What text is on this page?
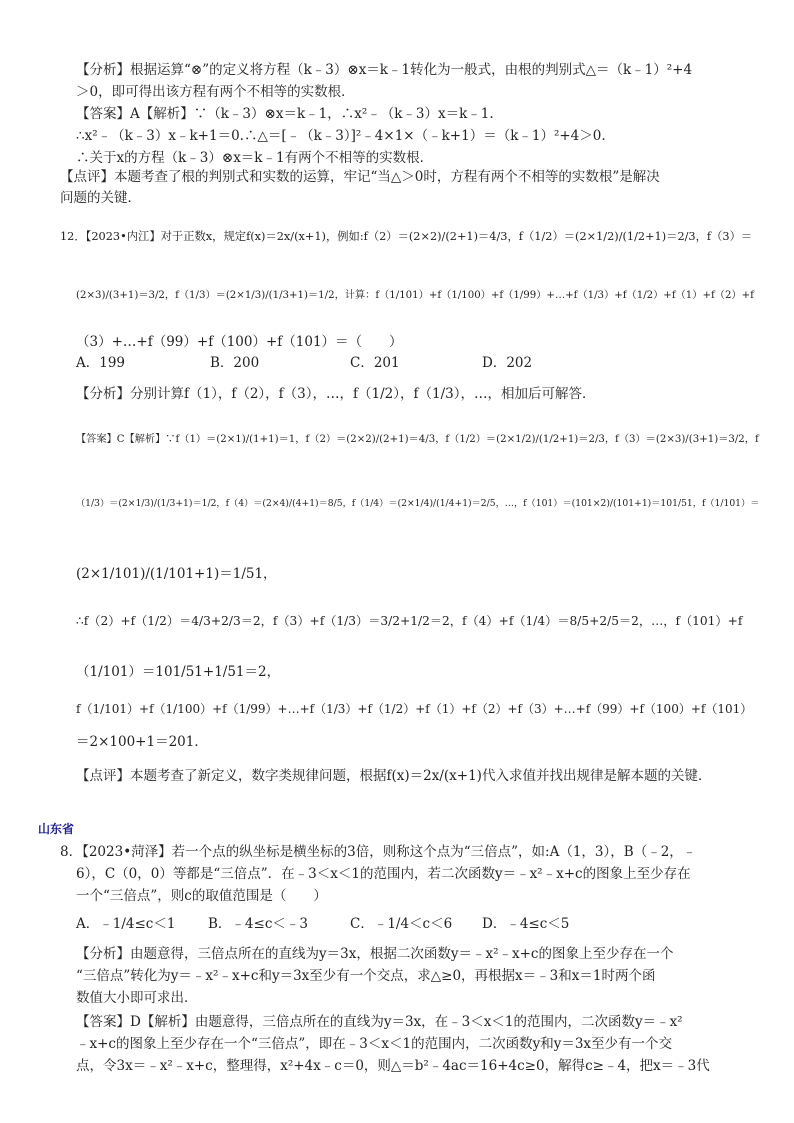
【分析】根据运算“⊗”的定义将方程（k﹣3）⊗x＝k﹣1转化为一般式，由根的判别式△＝（k﹣1）²+4
＞0，即可得出该方程有两个不相等的实数根．
【答案】A【解析】∵（k﹣3）⊗x＝k﹣1，∴x²﹣（k﹣3）x＝k﹣1.
∴x²﹣（k﹣3）x﹣k+1＝0.∴△＝[﹣（k﹣3）]²﹣4×1×（﹣k+1）＝（k﹣1）²+4＞0.
∴关于x的方程（k﹣3）⊗x＝k﹣1有两个不相等的实数根．
【点评】本题考查了根的判别式和实数的运算，牢记“当△＞0时，方程有两个不相等的实数根”是解决
问题的关键．
12．【2023•内江】对于正数x，规定f(x)＝2x/(x+1)，例如:f（2）＝(2×2)/(2+1)＝4/3，f（1/2）＝(2×1/2)/(1/2+1)＝2/3，f（3）＝
(2×3)/(3+1)＝3/2，f（1/3）＝(2×1/3)/(1/3+1)＝1/2，计算：f（1/101）+f（1/100）+f（1/99）+…+f（1/3）+f（1/2）+f（1）+f（2）+f
（3）+…+f（99）+f（100）+f（101）＝（　　）
A．199	B．200	C．201	D．202
【分析】分别计算f（1），f（2），f（3），…，f（1/2），f（1/3），…，相加后可解答．
【答案】C【解析】∵f（1）＝(2×1)/(1+1)＝1，f（2）＝(2×2)/(2+1)＝4/3，f（1/2）＝(2×1/2)/(1/2+1)＝2/3，f（3）＝(2×3)/(3+1)＝3/2，f
（1/3）＝(2×1/3)/(1/3+1)＝1/2，f（4）＝(2×4)/(4+1)＝8/5，f（1/4）＝(2×1/4)/(1/4+1)＝2/5，…，f（101）＝(101×2)/(101+1)＝101/51，f（1/101）＝
(2×1/101)/(1/101+1)＝1/51，
∴f（2）+f（1/2）＝4/3+2/3＝2，f（3）+f（1/3）＝3/2+1/2＝2，f（4）+f（1/4）＝8/5+2/5＝2，…，f（101）+f
（1/101）＝101/51+1/51＝2，
f（1/101）+f（1/100）+f（1/99）+…+f（1/3）+f（1/2）+f（1）+f（2）+f（3）+…+f（99）+f（100）+f（101）
＝2×100+1＝201．
【点评】本题考查了新定义，数字类规律问题，根据f(x)＝2x/(x+1)代入求值并找出规律是解本题的关键．
山东省
8．【2023•菏泽】若一个点的纵坐标是横坐标的3倍，则称这个点为“三倍点”，如:A（1，3），B（﹣2，﹣
6），C（0，0）等都是“三倍点”．在﹣3＜x＜1的范围内，若二次函数y＝﹣x²﹣x+c的图象上至少存在
一个“三倍点”，则c的取值范围是（　　）
A．﹣1/4≤c＜1 B．﹣4≤c＜﹣3	C．﹣1/4＜c＜6 D．﹣4≤c＜5
【分析】由题意得，三倍点所在的直线为y＝3x，根据二次函数y＝﹣x²﹣x+c的图象上至少存在一个
“三倍点”转化为y＝﹣x²﹣x+c和y＝3x至少有一个交点，求△≥0，再根据x＝﹣3和x＝1时两个函
数值大小即可求出．
【答案】D【解析】由题意得，三倍点所在的直线为y＝3x，在﹣3＜x＜1的范围内，二次函数y＝﹣x²
﹣x+c的图象上至少存在一个“三倍点”，即在﹣3＜x＜1的范围内，二次函数y和y＝3x至少有一个交
点，令3x＝﹣x²﹣x+c，整理得，x²+4x﹣c＝0，则△＝b²﹣4ac＝16+4c≥0，解得c≥﹣4，把x＝﹣3代
